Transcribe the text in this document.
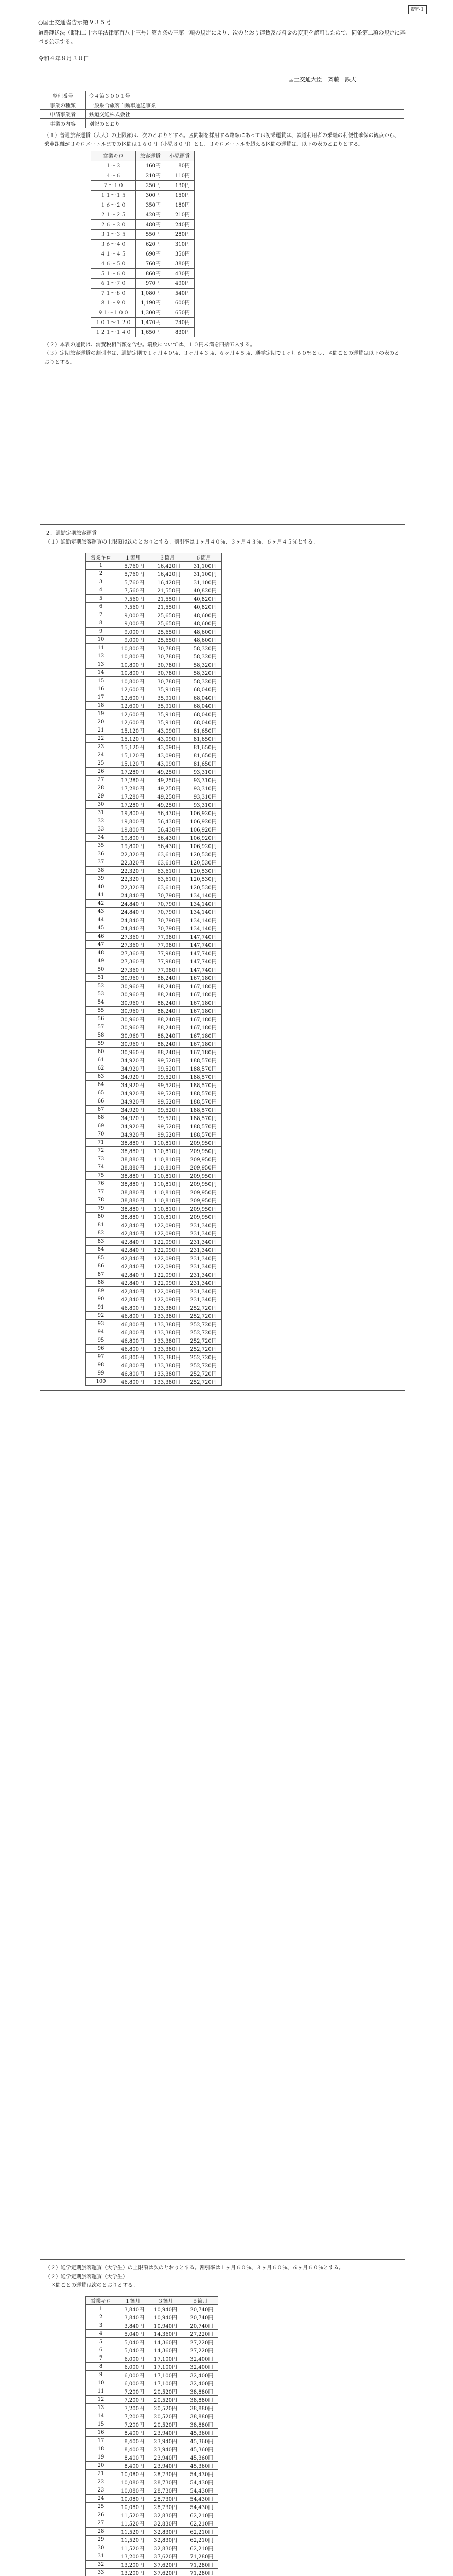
資料１
○国土交通省告示第９３５号
道路運送法（昭和二十六年法律第百八十三号）第九条の三第一項の規定により、次のとおり運賃及び料金の変更を認可したので、同条第二項の規定に基づき公示する。
令和４年８月３０日
国土交通大臣　斉藤　鉄夫
整理番号	令４第３００１号
事業の種類	一般乗合旅客自動車運送事業
申請事業者	鉄道交通株式会社
事業の内容	別記のとおり

（１）普通旅客運賃（大人）の上限額は、次のとおりとする。区間制を採用する路線にあっては初乗運賃は、鉄道利用者の乗継の利便性確保の観点から、乗車距離が３キロメートルまでの区間は１６０円（小児８０円）とし、３キロメートルを超える区間の運賃は、以下の表のとおりとする。
営業キロ	旅客運賃	小児運賃
１～３	160円	80円
４～６	210円	110円
７～１０	250円	130円
１１～１５	300円	150円
１６～２０	350円	180円
２１～２５	420円	210円
２６～３０	480円	240円
３１～３５	550円	280円
３６～４０	620円	310円
４１～４５	690円	350円
４６～５０	760円	380円
５１～６０	860円	430円
６１～７０	970円	490円
７１～８０	1,080円	540円
８１～９０	1,190円	600円
９１～１００	1,300円	650円
１０１～１２０	1,470円	740円
１２１～１４０	1,650円	830円
（２）本表の運賃は、消費税相当額を含む。端数については、１０円未満を四捨五入する。
（３）定期旅客運賃の割引率は、通勤定期で１ヶ月４０％、３ヶ月４３％、６ヶ月４５％、通学定期で１ヶ月６０％とし、区間ごとの運賃は以下の表のとおりとする。
２．通勤定期旅客運賃
（１）通勤定期旅客運賃の上限額は次のとおりとする。割引率は１ヶ月４０％、３ヶ月４３％、６ヶ月４５％とする。
営業キロ	１箇月	３箇月	６箇月
1	5,760円	16,420円	31,100円
2	5,760円	16,420円	31,100円
3	5,760円	16,420円	31,100円
4	7,560円	21,550円	40,820円
5	7,560円	21,550円	40,820円
6	7,560円	21,550円	40,820円
7	9,000円	25,650円	48,600円
8	9,000円	25,650円	48,600円
9	9,000円	25,650円	48,600円
10	9,000円	25,650円	48,600円
11	10,800円	30,780円	58,320円
12	10,800円	30,780円	58,320円
13	10,800円	30,780円	58,320円
14	10,800円	30,780円	58,320円
15	10,800円	30,780円	58,320円
16	12,600円	35,910円	68,040円
17	12,600円	35,910円	68,040円
18	12,600円	35,910円	68,040円
19	12,600円	35,910円	68,040円
20	12,600円	35,910円	68,040円
21	15,120円	43,090円	81,650円
22	15,120円	43,090円	81,650円
23	15,120円	43,090円	81,650円
24	15,120円	43,090円	81,650円
25	15,120円	43,090円	81,650円
26	17,280円	49,250円	93,310円
27	17,280円	49,250円	93,310円
28	17,280円	49,250円	93,310円
29	17,280円	49,250円	93,310円
30	17,280円	49,250円	93,310円
31	19,800円	56,430円	106,920円
32	19,800円	56,430円	106,920円
33	19,800円	56,430円	106,920円
34	19,800円	56,430円	106,920円
35	19,800円	56,430円	106,920円
36	22,320円	63,610円	120,530円
37	22,320円	63,610円	120,530円
38	22,320円	63,610円	120,530円
39	22,320円	63,610円	120,530円
40	22,320円	63,610円	120,530円
41	24,840円	70,790円	134,140円
42	24,840円	70,790円	134,140円
43	24,840円	70,790円	134,140円
44	24,840円	70,790円	134,140円
45	24,840円	70,790円	134,140円
46	27,360円	77,980円	147,740円
47	27,360円	77,980円	147,740円
48	27,360円	77,980円	147,740円
49	27,360円	77,980円	147,740円
50	27,360円	77,980円	147,740円
51	30,960円	88,240円	167,180円
52	30,960円	88,240円	167,180円
53	30,960円	88,240円	167,180円
54	30,960円	88,240円	167,180円
55	30,960円	88,240円	167,180円
56	30,960円	88,240円	167,180円
57	30,960円	88,240円	167,180円
58	30,960円	88,240円	167,180円
59	30,960円	88,240円	167,180円
60	30,960円	88,240円	167,180円
61	34,920円	99,520円	188,570円
62	34,920円	99,520円	188,570円
63	34,920円	99,520円	188,570円
64	34,920円	99,520円	188,570円
65	34,920円	99,520円	188,570円
66	34,920円	99,520円	188,570円
67	34,920円	99,520円	188,570円
68	34,920円	99,520円	188,570円
69	34,920円	99,520円	188,570円
70	34,920円	99,520円	188,570円
71	38,880円	110,810円	209,950円
72	38,880円	110,810円	209,950円
73	38,880円	110,810円	209,950円
74	38,880円	110,810円	209,950円
75	38,880円	110,810円	209,950円
76	38,880円	110,810円	209,950円
77	38,880円	110,810円	209,950円
78	38,880円	110,810円	209,950円
79	38,880円	110,810円	209,950円
80	38,880円	110,810円	209,950円
81	42,840円	122,090円	231,340円
82	42,840円	122,090円	231,340円
83	42,840円	122,090円	231,340円
84	42,840円	122,090円	231,340円
85	42,840円	122,090円	231,340円
86	42,840円	122,090円	231,340円
87	42,840円	122,090円	231,340円
88	42,840円	122,090円	231,340円
89	42,840円	122,090円	231,340円
90	42,840円	122,090円	231,340円
91	46,800円	133,380円	252,720円
92	46,800円	133,380円	252,720円
93	46,800円	133,380円	252,720円
94	46,800円	133,380円	252,720円
95	46,800円	133,380円	252,720円
96	46,800円	133,380円	252,720円
97	46,800円	133,380円	252,720円
98	46,800円	133,380円	252,720円
99	46,800円	133,380円	252,720円
100	46,800円	133,380円	252,720円
（２）通学定期旅客運賃（大学生）の上限額は次のとおりとする。割引率は１ヶ月６０％、３ヶ月６０％、６ヶ月６０％とする。
（２）通学定期旅客運賃（大学生）
　区間ごとの運賃は次のとおりとする。
営業キロ	１箇月	３箇月	６箇月
1	3,840円	10,940円	20,740円
2	3,840円	10,940円	20,740円
3	3,840円	10,940円	20,740円
4	5,040円	14,360円	27,220円
5	5,040円	14,360円	27,220円
6	5,040円	14,360円	27,220円
7	6,000円	17,100円	32,400円
8	6,000円	17,100円	32,400円
9	6,000円	17,100円	32,400円
10	6,000円	17,100円	32,400円
11	7,200円	20,520円	38,880円
12	7,200円	20,520円	38,880円
13	7,200円	20,520円	38,880円
14	7,200円	20,520円	38,880円
15	7,200円	20,520円	38,880円
16	8,400円	23,940円	45,360円
17	8,400円	23,940円	45,360円
18	8,400円	23,940円	45,360円
19	8,400円	23,940円	45,360円
20	8,400円	23,940円	45,360円
21	10,080円	28,730円	54,430円
22	10,080円	28,730円	54,430円
23	10,080円	28,730円	54,430円
24	10,080円	28,730円	54,430円
25	10,080円	28,730円	54,430円
26	11,520円	32,830円	62,210円
27	11,520円	32,830円	62,210円
28	11,520円	32,830円	62,210円
29	11,520円	32,830円	62,210円
30	11,520円	32,830円	62,210円
31	13,200円	37,620円	71,280円
32	13,200円	37,620円	71,280円
33	13,200円	37,620円	71,280円
